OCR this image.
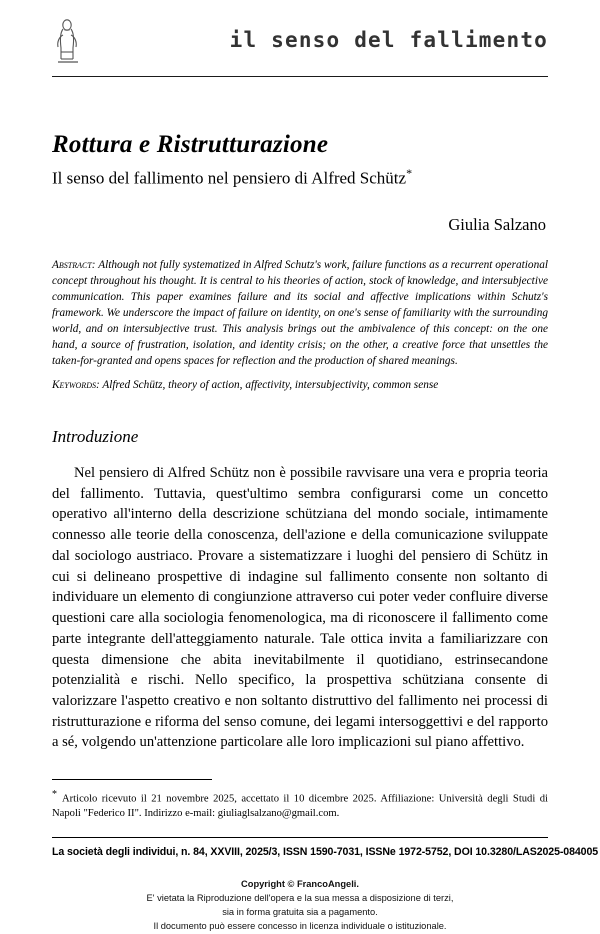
il senso del fallimento
Rottura e Ristrutturazione

Il senso del fallimento nel pensiero di Alfred Schütz*

Giulia Salzano
Abstract: Although not fully systematized in Alfred Schutz's work, failure functions as a recurrent operational concept throughout his thought. It is central to his theories of action, stock of knowledge, and intersubjective communication. This paper examines failure and its social and affective implications within Schutz's framework. We underscore the impact of failure on identity, on one's sense of familiarity with the surrounding world, and on intersubjective trust. This analysis brings out the ambivalence of this concept: on the one hand, a source of frustration, isolation, and identity crisis; on the other, a creative force that unsettles the taken-for-granted and opens spaces for reflection and the production of shared meanings.
Keywords: Alfred Schütz, theory of action, affectivity, intersubjectivity, common sense
Introduzione

Nel pensiero di Alfred Schütz non è possibile ravvisare una vera e propria teoria del fallimento. Tuttavia, quest'ultimo sembra configurarsi come un concetto operativo all'interno della descrizione schütziana del mondo sociale, intimamente connesso alle teorie della conoscenza, dell'azione e della comunicazione sviluppate dal sociologo austriaco. Provare a sistematizzare i luoghi del pensiero di Schütz in cui si delineano prospettive di indagine sul fallimento consente non soltanto di individuare un elemento di congiunzione attraverso cui poter veder confluire diverse questioni care alla sociologia fenomenologica, ma di riconoscere il fallimento come parte integrante dell'atteggiamento naturale. Tale ottica invita a familiarizzare con questa dimensione che abita inevitabilmente il quotidiano, estrinsecandone potenzialità e rischi. Nello specifico, la prospettiva schütziana consente di valorizzare l'aspetto creativo e non soltanto distruttivo del fallimento nei processi di ristrutturazione e riforma del senso comune, dei legami intersoggettivi e del rapporto a sé, volgendo un'attenzione particolare alle loro implicazioni sul piano affettivo.

* Articolo ricevuto il 21 novembre 2025, accettato il 10 dicembre 2025. Affiliazione: Università degli Studi di Napoli "Federico II". Indirizzo e-mail: giuliaglsalzano@gmail.com.
La società degli individui, n. 84, XXVIII, 2025/3, ISSN 1590-7031, ISSNe 1972-5752, DOI 10.3280/LAS2025-084005
Copyright © FrancoAngeli.
E' vietata la Riproduzione dell'opera e la sua messa a disposizione di terzi,
sia in forma gratuita sia a pagamento.
Il documento può essere concesso in licenza individuale o istituzionale.
